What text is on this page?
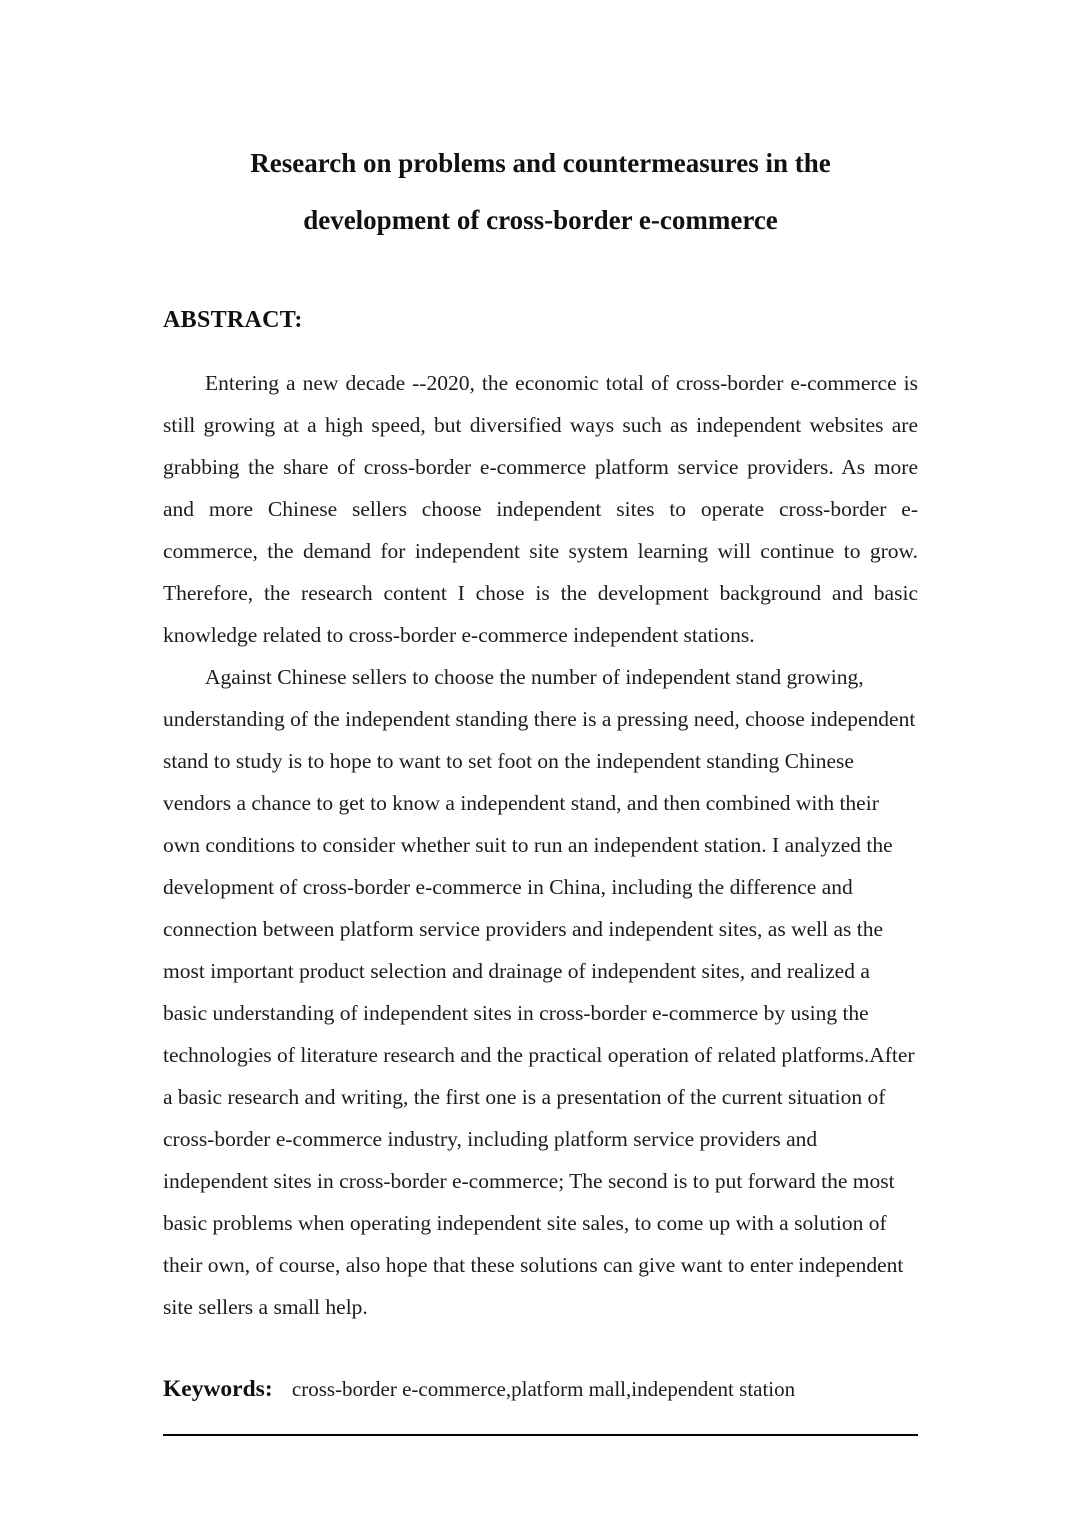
Research on problems and countermeasures in the
development of cross-border e-commerce
ABSTRACT:

Entering a new decade --2020, the economic total of cross-border e-commerce is still growing at a high speed, but diversified ways such as independent websites are grabbing the share of cross-border e-commerce platform service providers. As more and more Chinese sellers choose independent sites to operate cross-border e-commerce, the demand for independent site system learning will continue to grow. Therefore, the research content I chose is the development background and basic knowledge related to cross-border e-commerce independent stations.

Against Chinese sellers to choose the number of independent stand growing, understanding of the independent standing there is a pressing need, choose independent stand to study is to hope to want to set foot on the independent standing Chinese vendors a chance to get to know a independent stand, and then combined with their own conditions to consider whether suit to run an independent station. I analyzed the development of cross-border e-commerce in China, including the difference and connection between platform service providers and independent sites, as well as the most important product selection and drainage of independent sites, and realized a basic understanding of independent sites in cross-border e-commerce by using the technologies of literature research and the practical operation of related platforms.After a basic research and writing, the first one is a presentation of the current situation of cross-border e-commerce industry, including platform service providers and independent sites in cross-border e-commerce; The second is to put forward the most basic problems when operating independent site sales, to come up with a solution of their own, of course, also hope that these solutions can give want to enter independent site sellers a small help.

Keywords: cross-border e-commerce,platform mall,independent station
